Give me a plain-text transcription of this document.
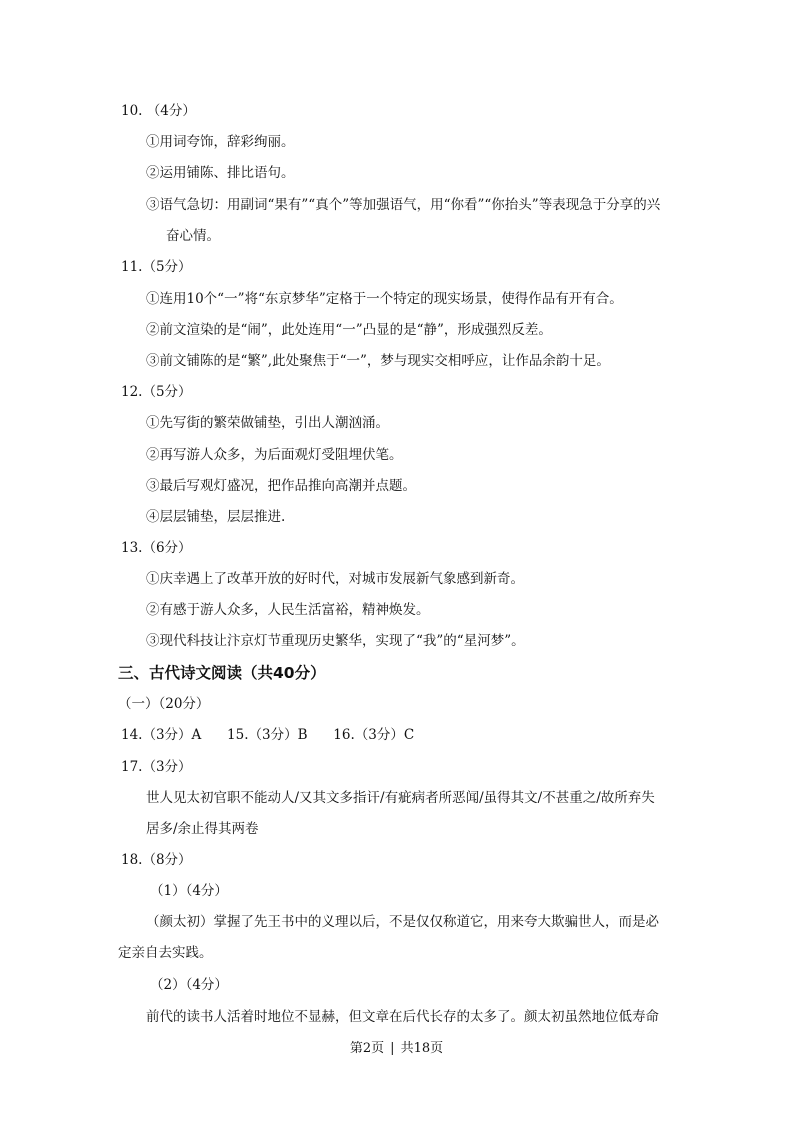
10. （4分）
①用词夸饰，辞彩绚丽。
②运用铺陈、排比语句。
③语气急切：用副词“果有”“真个”等加强语气，用“你看”“你抬头”等表现急于分享的兴
奋心情。
11.（5分）
①连用10个“一”将“东京梦华”定格于一个特定的现实场景，使得作品有开有合。
②前文渲染的是“闹”，此处连用“一”凸显的是“静”，形成强烈反差。
③前文铺陈的是“繁”,此处聚焦于“一”，梦与现实交相呼应，让作品余韵十足。
12.（5分）
①先写街的繁荣做铺垫，引出人潮汹涌。
②再写游人众多，为后面观灯受阻埋伏笔。
③最后写观灯盛况，把作品推向高潮并点题。
④层层铺垫，层层推进.
13.（6分）
①庆幸遇上了改革开放的好时代，对城市发展新气象感到新奇。
②有感于游人众多，人民生活富裕，精神焕发。
③现代科技让汴京灯节重现历史繁华，实现了“我”的“星河梦”。
三、古代诗文阅读（共40分）
（一）（20分）
14.（3分）A      15.（3分）B      16.（3分）C
17.（3分）
世人见太初官职不能动人/又其文多指讦/有疵病者所恶闻/虽得其文/不甚重之/故所弃失
居多/余止得其两卷
18.（8分）
（1）（4分）
（颜太初）掌握了先王书中的义理以后，不是仅仅称道它，用来夸大欺骗世人，而是必
定亲自去实践。
（2）（4分）
前代的读书人活着时地位不显赫，但文章在后代长存的太多了。颜太初虽然地位低寿命
第2页 | 共18页
